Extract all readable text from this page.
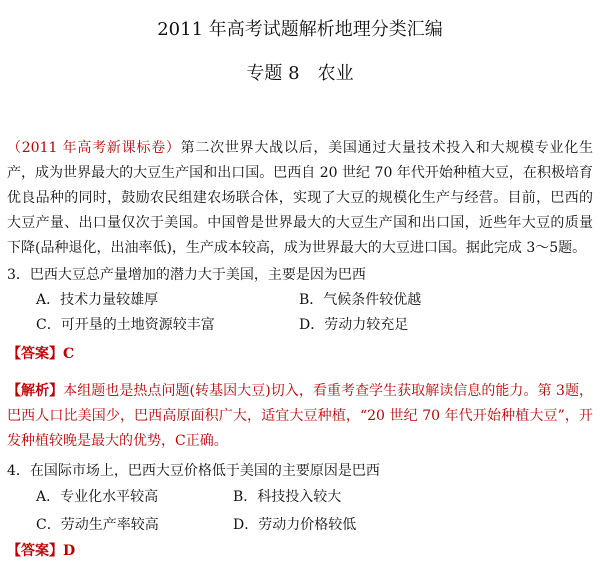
2011 年高考试题解析地理分类汇编
专题 8　农业
（2011 年高考新课标卷）第二次世界大战以后，美国通过大量技术投入和大规模专业化生产，成为世界最大的大豆生产国和出口国。巴西自 20 世纪 70 年代开始种植大豆，在积极培育优良品种的同时，鼓励农民组建农场联合体，实现了大豆的规模化生产与经营。目前，巴西的大豆产量、出口量仅次于美国。中国曾是世界最大的大豆生产国和出口国，近些年大豆的质量下降(品种退化，出油率低)，生产成本较高，成为世界最大的大豆进口国。据此完成 3～5题。
3．巴西大豆总产量增加的潜力大于美国，主要是因为巴西
A．技术力量较雄厚	B．气候条件较优越
C．可开垦的土地资源较丰富	D．劳动力较充足
【答案】C
【解析】本组题也是热点问题(转基因大豆)切入，看重考查学生获取解读信息的能力。第 3题，巴西人口比美国少，巴西高原面积广大，适宜大豆种植，“20 世纪 70 年代开始种植大豆”，开发种植较晚是最大的优势，C正确。
4．在国际市场上，巴西大豆价格低于美国的主要原因是巴西
A．专业化水平较高	B．科技投入较大
C．劳动生产率较高	D．劳动力价格较低
【答案】D
